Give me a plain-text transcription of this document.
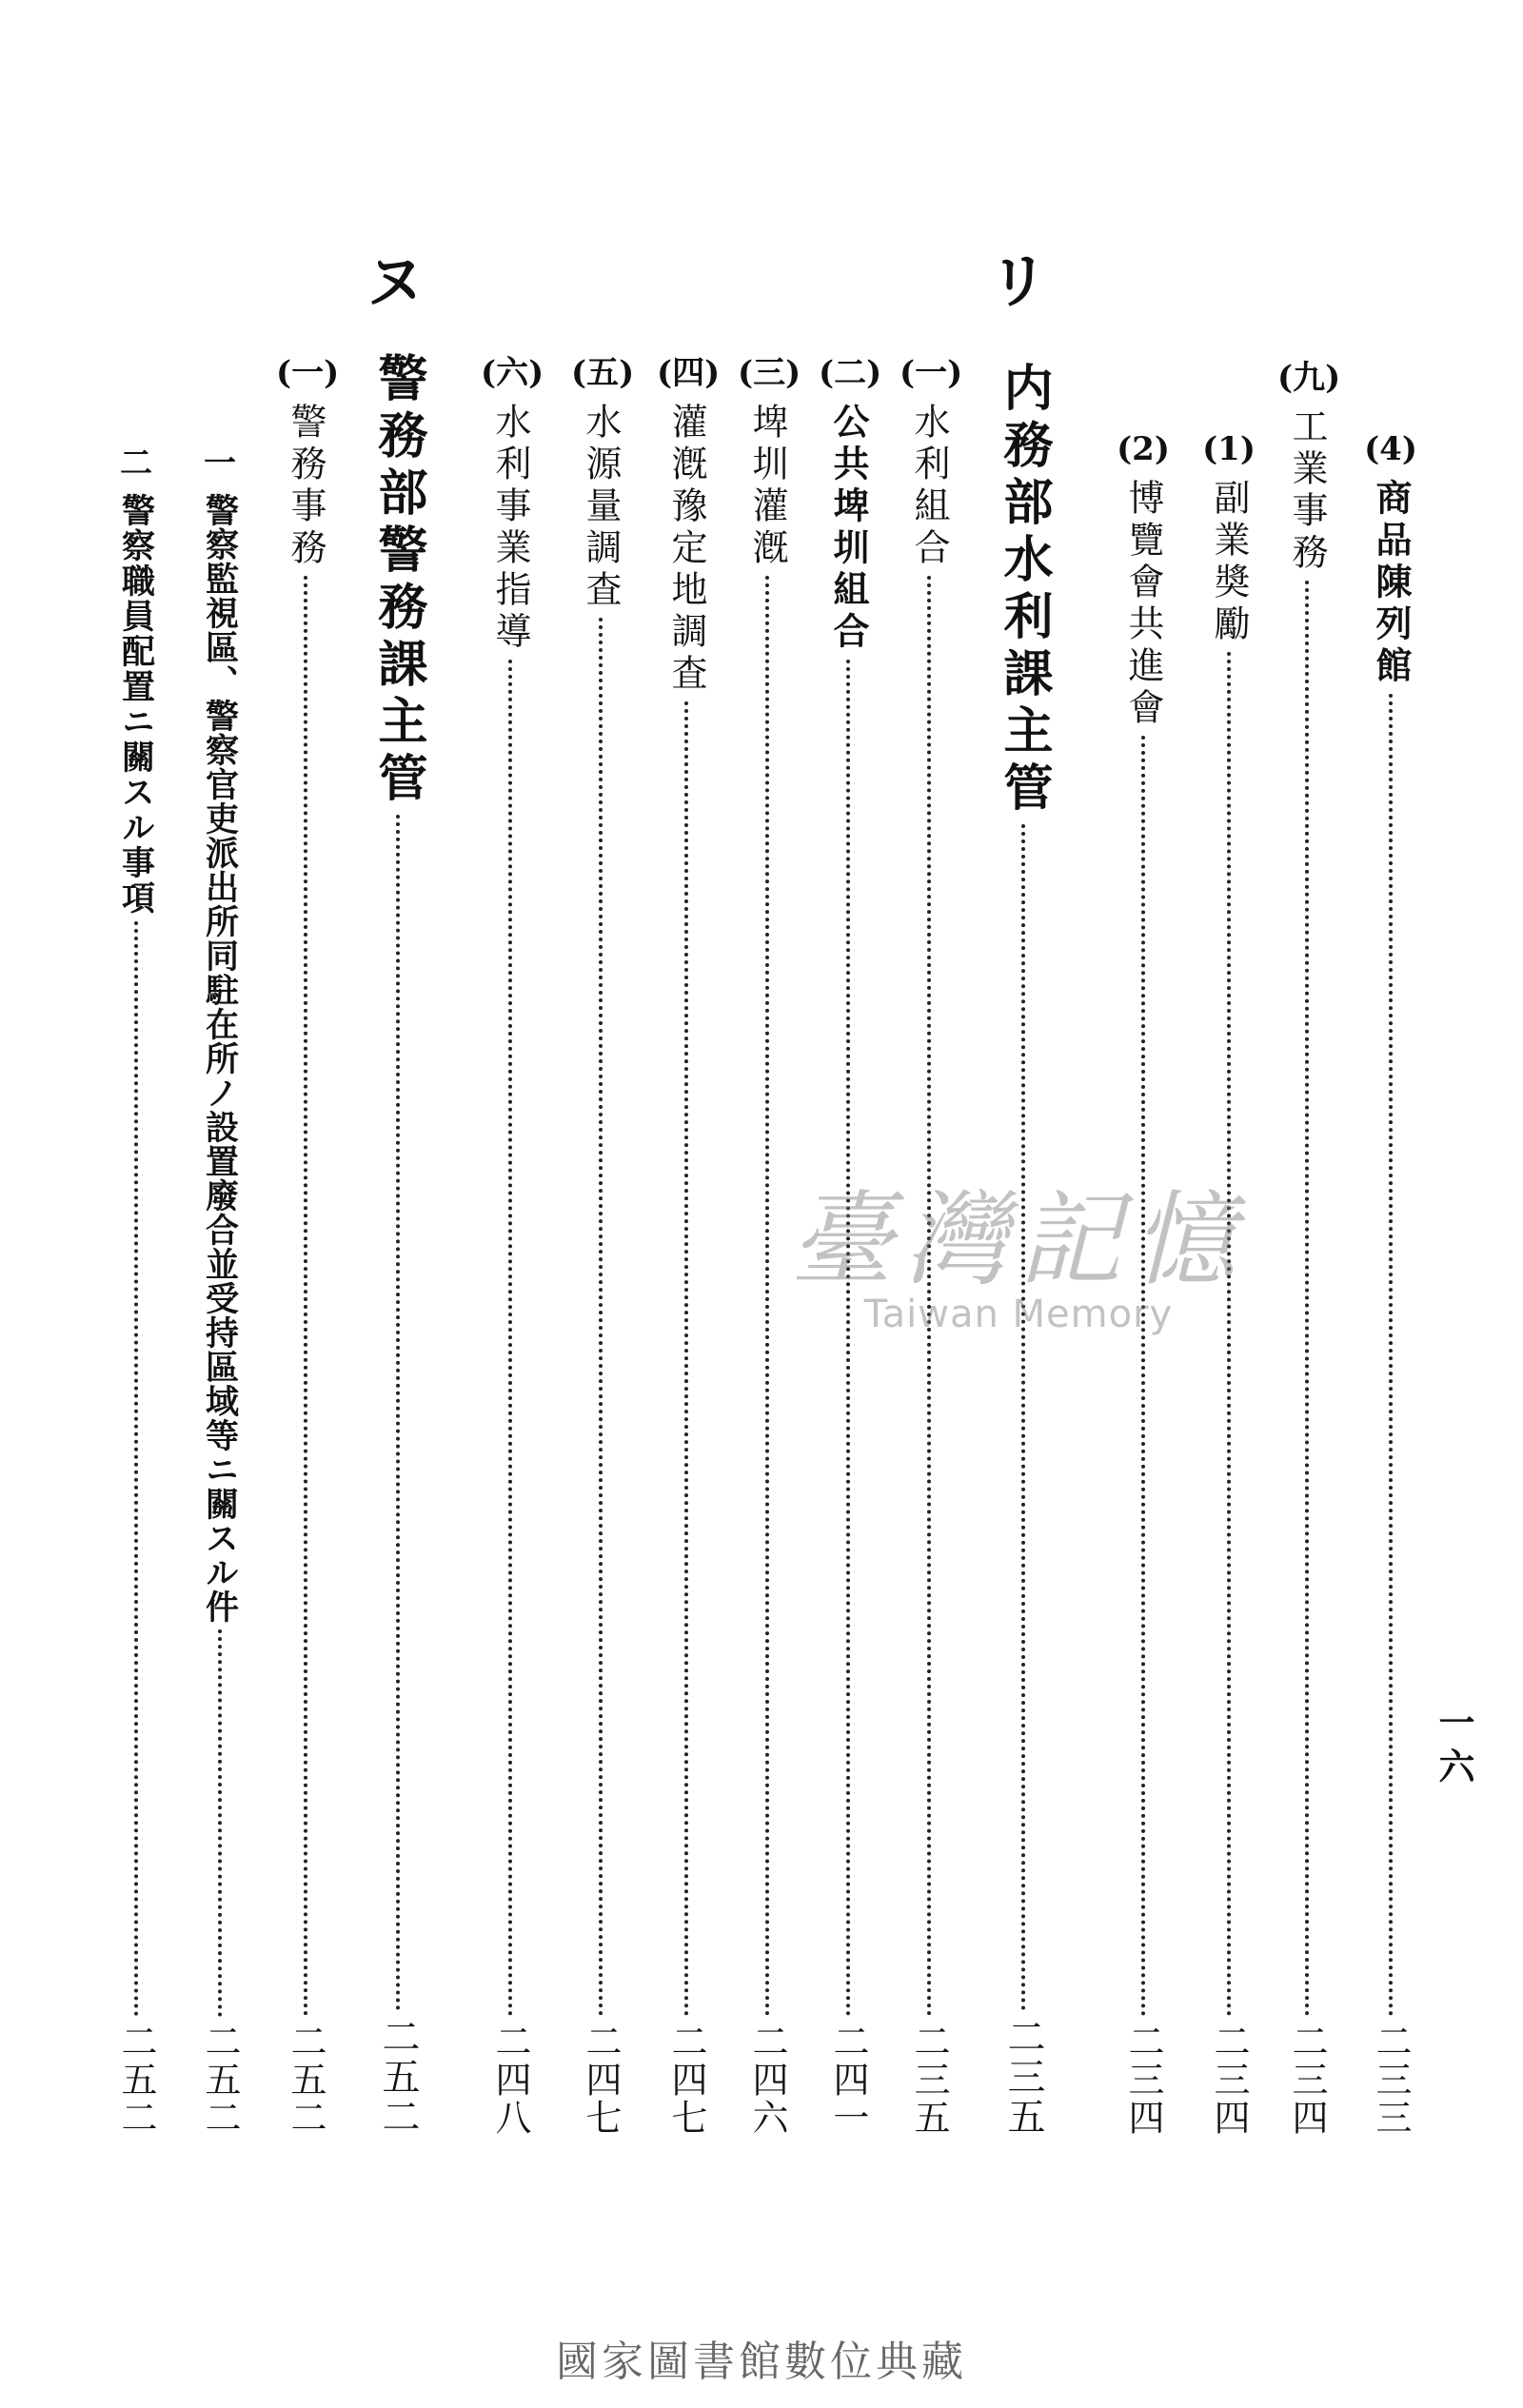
一六
(4)
商品陳列館
二三三
(九)
工業事務
二三四
(1)
副業奬勵
二三四
(2)
博覽會共進會
二三四
リ
内務部水利課主管
二三五
(一)
水利組合
二三五
(二)
公共埤圳組合
二四一
(三)
埤圳灌漑
二四六
(四)
灌漑豫定地調査
二四七
(五)
水源量調査
二四七
(六)
水利事業指導
二四八
ヌ
警務部警務課主管
二五二
(一)
警務事務
二五二
一
警察監視區、警察官吏派出所同駐在所ノ設置廢合並受持區域等ニ關スル件
二五二
二
警察職員配置ニ關スル事項
二五二
臺灣記憶
Taiwan Memory
國家圖書館數位典藏
